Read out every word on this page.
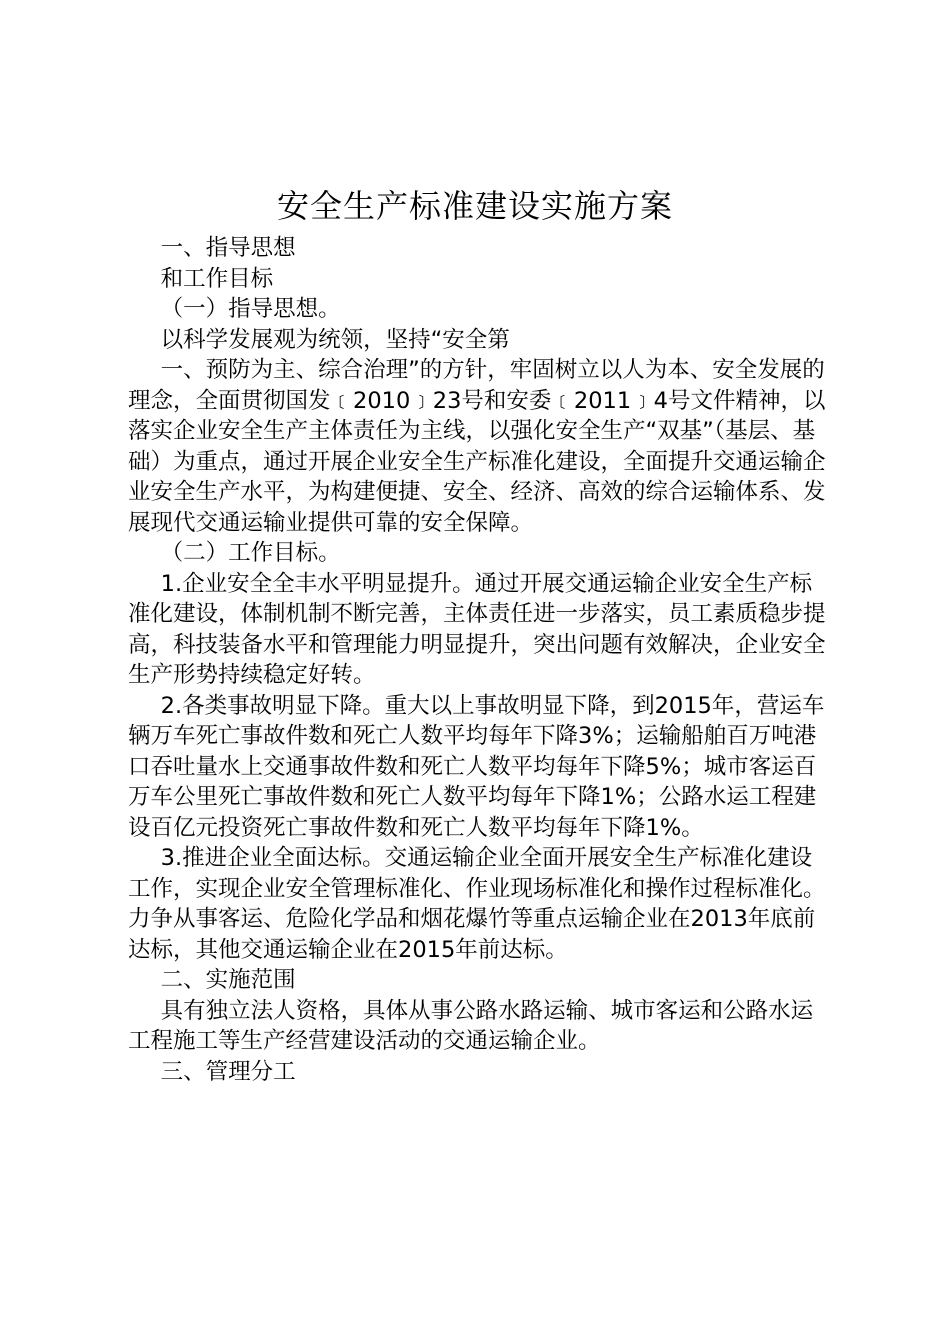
安全生产标准建设实施方案

一、指导思想

和工作目标

（一）指导思想。

以科学发展观为统领，坚持“安全第

一、预防为主、综合治理”的方针，牢固树立以人为本、安全发展的理念，全面贯彻国发﹝2010﹞23号和安委﹝2011﹞4号文件精神，以落实企业安全生产主体责任为主线，以强化安全生产“双基”（基层、基础）为重点，通过开展企业安全生产标准化建设，全面提升交通运输企业安全生产水平，为构建便捷、安全、经济、高效的综合运输体系、发展现代交通运输业提供可靠的安全保障。

（二）工作目标。

1.企业安全全丰水平明显提升。通过开展交通运输企业安全生产标准化建设，体制机制不断完善，主体责任进一步落实，员工素质稳步提高，科技装备水平和管理能力明显提升，突出问题有效解决，企业安全生产形势持续稳定好转。

2.各类事故明显下降。重大以上事故明显下降，到2015年，营运车辆万车死亡事故件数和死亡人数平均每年下降3%；运输船舶百万吨港口吞吐量水上交通事故件数和死亡人数平均每年下降5%；城市客运百万车公里死亡事故件数和死亡人数平均每年下降1%；公路水运工程建设百亿元投资死亡事故件数和死亡人数平均每年下降1%。

3.推进企业全面达标。交通运输企业全面开展安全生产标准化建设工作，实现企业安全管理标准化、作业现场标准化和操作过程标准化。力争从事客运、危险化学品和烟花爆竹等重点运输企业在2013年底前达标，其他交通运输企业在2015年前达标。

二、实施范围

具有独立法人资格，具体从事公路水路运输、城市客运和公路水运工程施工等生产经营建设活动的交通运输企业。

三、管理分工
